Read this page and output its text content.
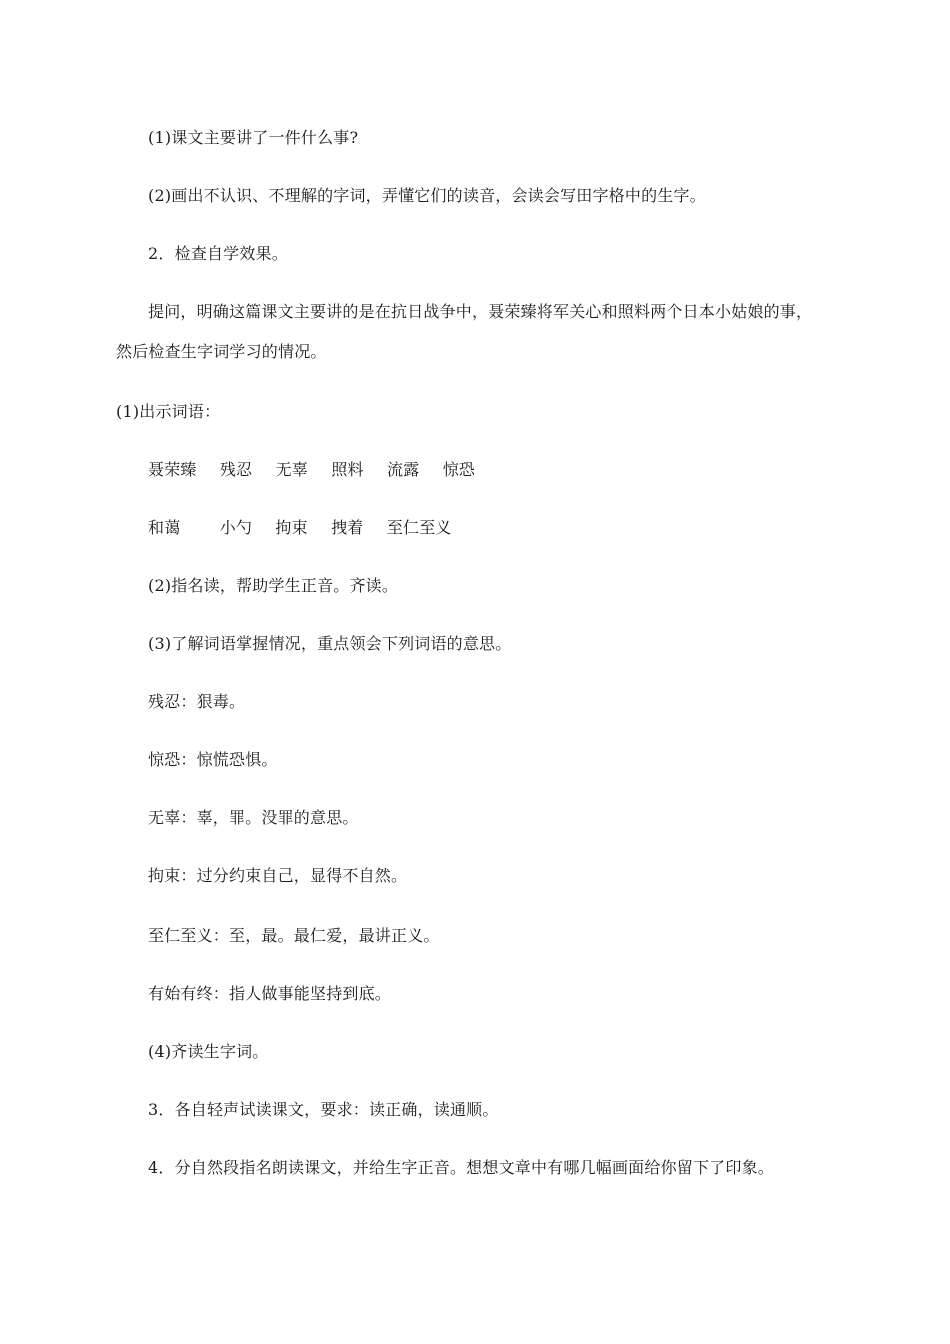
(1)课文主要讲了一件什么事?
(2)画出不认识、不理解的字词，弄懂它们的读音，会读会写田字格中的生字。
2．检查自学效果。
提问，明确这篇课文主要讲的是在抗日战争中，聂荣臻将军关心和照料两个日本小姑娘的事，
然后检查生字词学习的情况。
(1)出示词语：
聂荣臻 残忍 无辜 照料 流露 惊恐
和蔼 小勺 拘束 拽着 至仁至义
(2)指名读，帮助学生正音。齐读。
(3)了解词语掌握情况，重点领会下列词语的意思。
残忍：狠毒。
惊恐：惊慌恐惧。
无辜：辜，罪。没罪的意思。
拘束：过分约束自己，显得不自然。
至仁至义：至，最。最仁爱，最讲正义。
有始有终：指人做事能坚持到底。
(4)齐读生字词。
3．各自轻声试读课文，要求：读正确，读通顺。
4．分自然段指名朗读课文，并给生字正音。想想文章中有哪几幅画面给你留下了印象。
